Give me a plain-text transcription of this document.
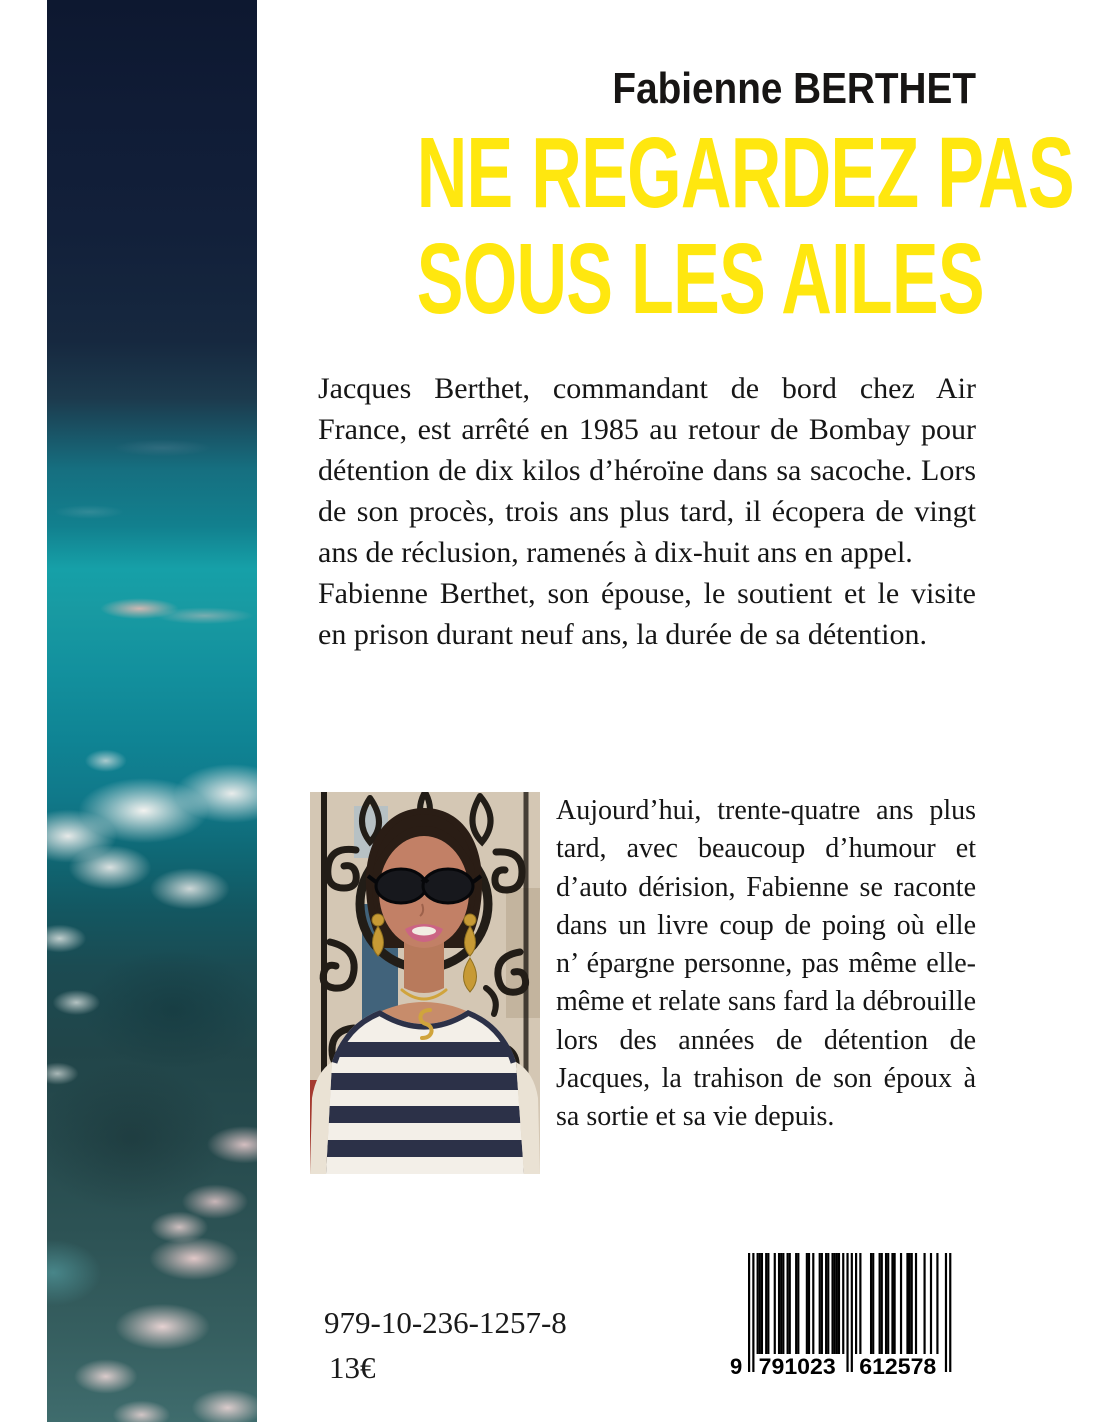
Fabienne BERTHET
NE REGARDEZ PAS
SOUS LES AILES

Jacques Berthet, commandant de bord chez Air France, est arrêté en 1985 au retour de Bombay pour détention de dix kilos d’héroïne dans sa sacoche. Lors de son procès, trois ans plus tard, il écopera de vingt ans de réclusion, ramenés à dix-huit ans en appel.

Fabienne Berthet, son épouse, le soutient et le visite en prison durant neuf ans, la durée de sa détention.

Aujourd’hui, trente-quatre ans plus tard, avec beaucoup d’humour et d’auto dérision, Fabienne se raconte dans un livre coup de poing où elle n’ épargne personne, pas même elle-même et relate sans fard la débrouille lors des années de détention de Jacques, la trahison de son époux à sa sortie et sa vie depuis.

979-10-236-1257-8
13€	9 791023 612578
